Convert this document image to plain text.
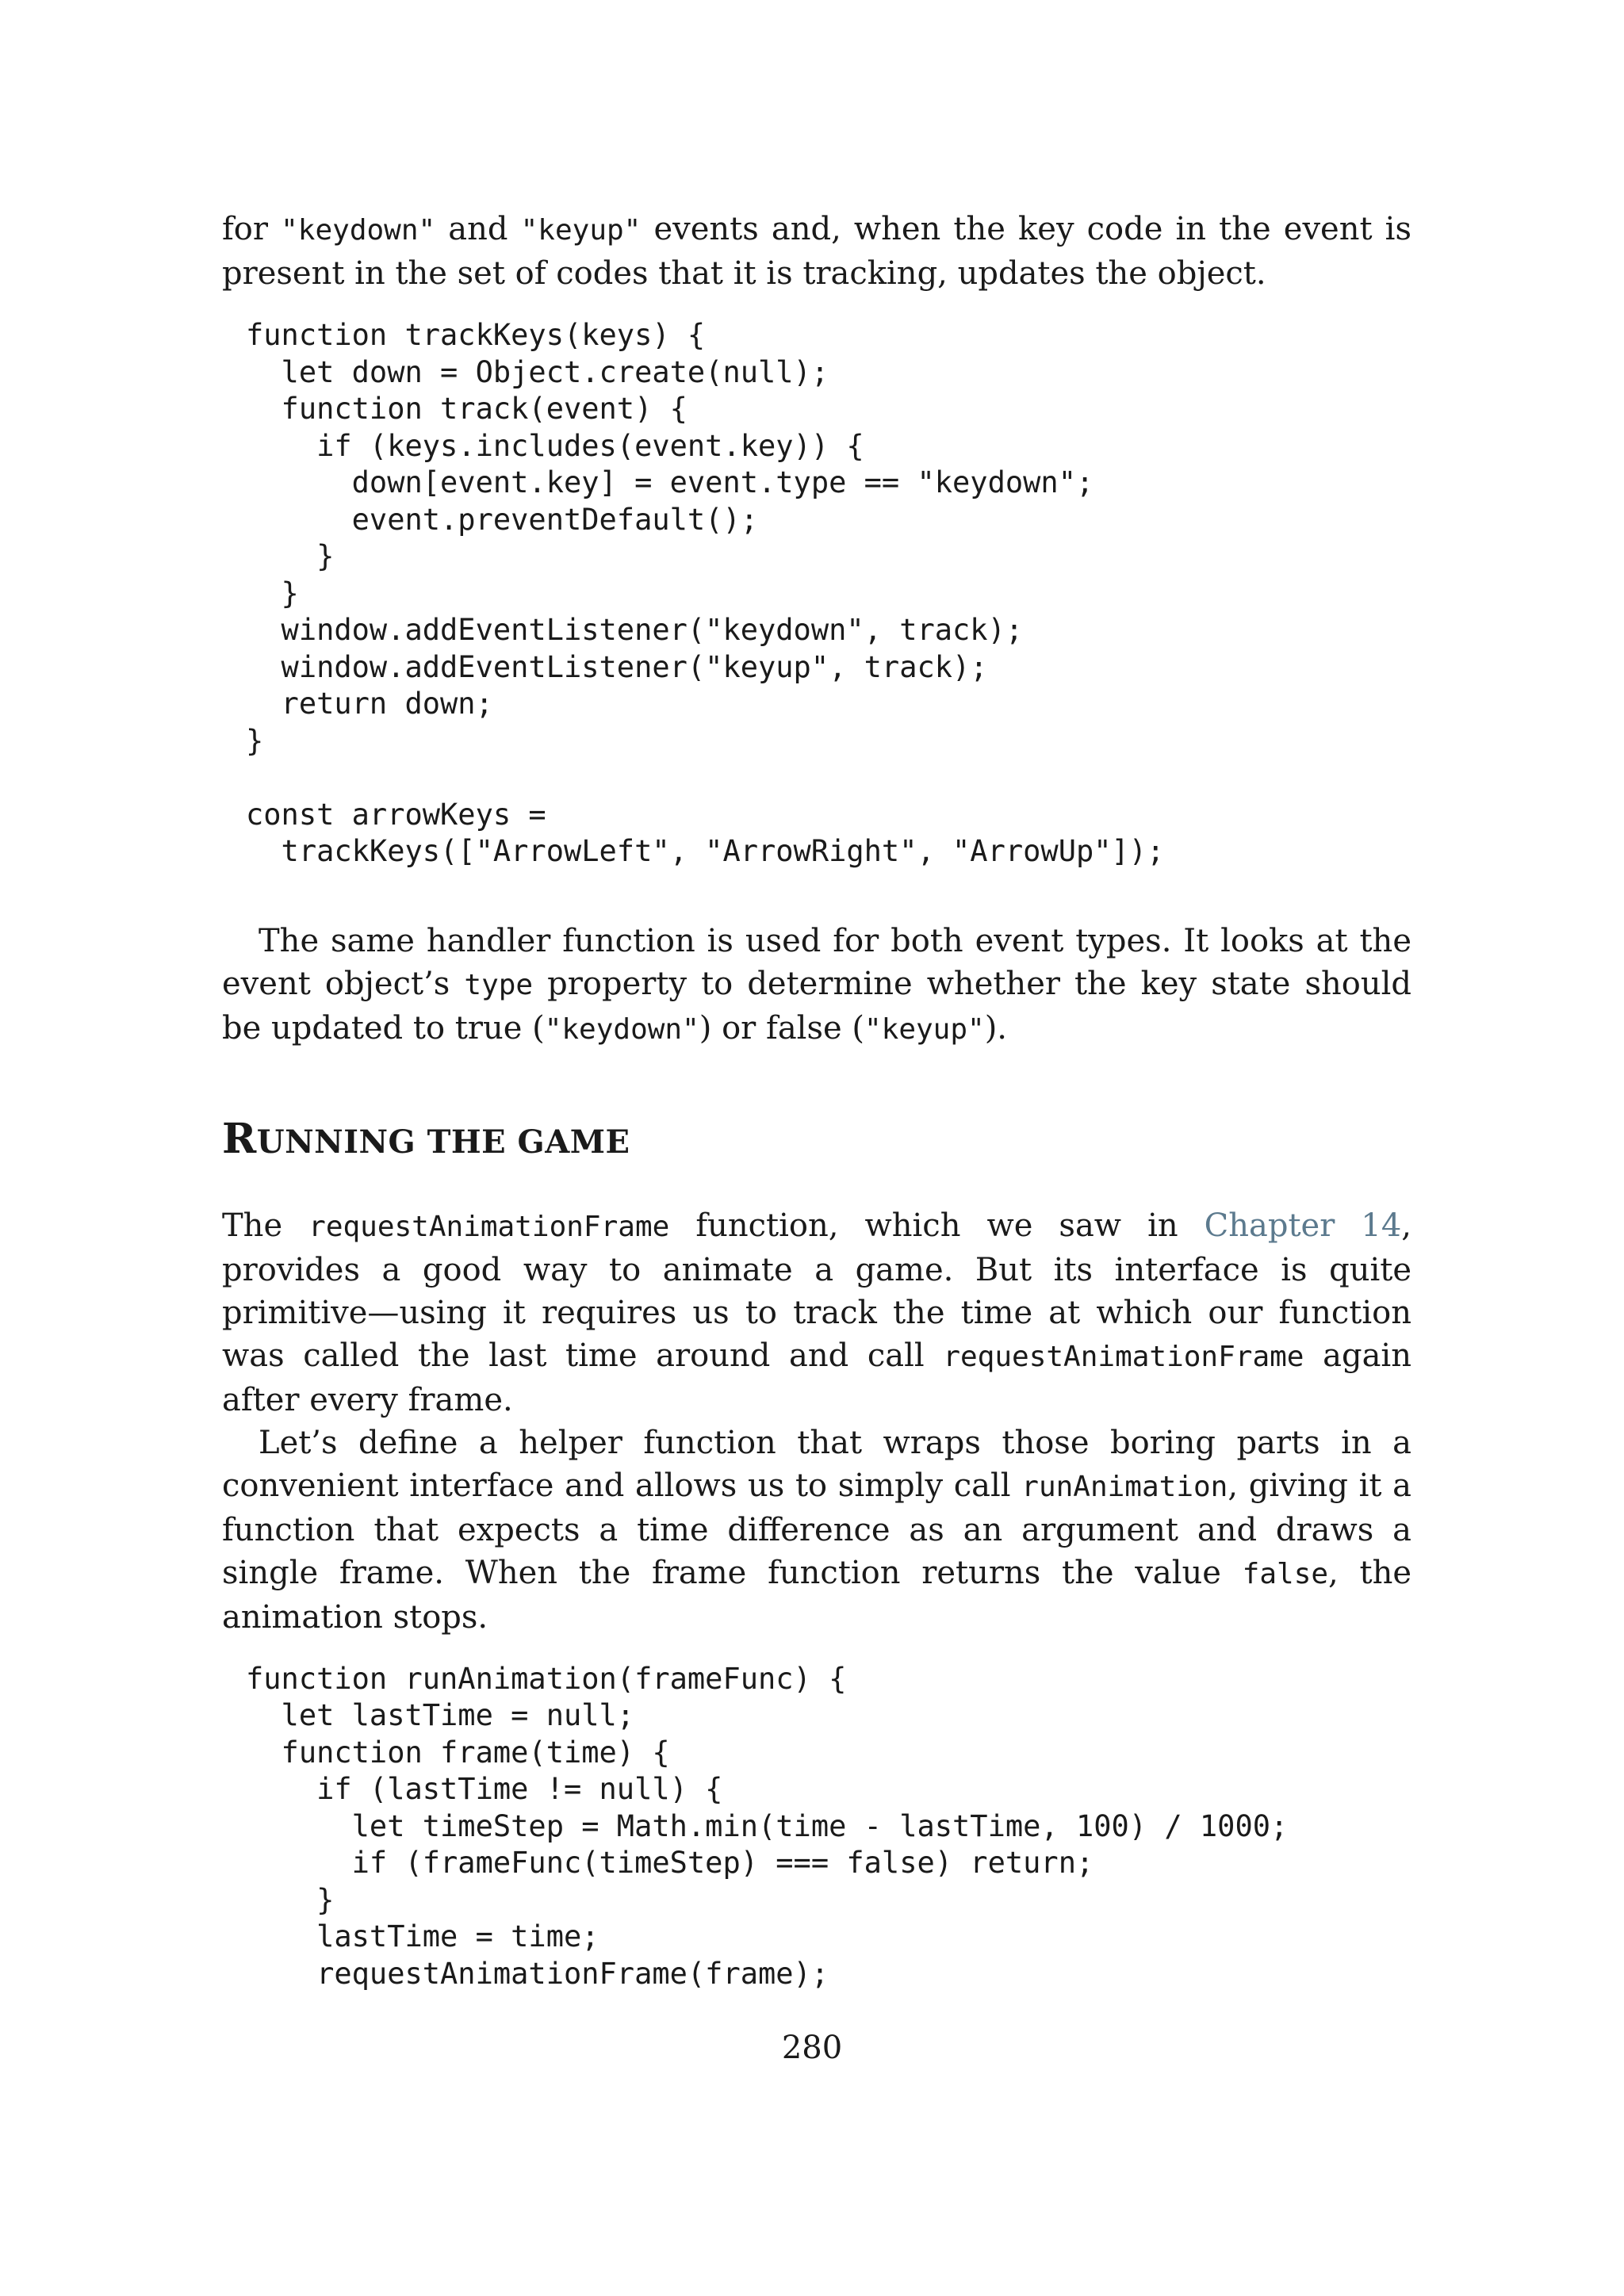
for "keydown" and "keyup" events and, when the key code in the event is present in the set of codes that it is tracking, updates the object.

function trackKeys(keys) {
let down = Object.create(null);
function track(event) {
if (keys.includes(event.key)) {
down[event.key] = event.type == "keydown";
event.preventDefault();
}
}
window.addEventListener("keydown", track);
window.addEventListener("keyup", track);
return down;
}
const arrowKeys =
trackKeys(["ArrowLeft", "ArrowRight", "ArrowUp"]);

The same handler function is used for both event types. It looks at the event object’s type property to determine whether the key state should be updated to true ("keydown") or false ("keyup").

RUNNING THE GAME

The requestAnimationFrame function, which we saw in Chapter 14, provides a good way to animate a game. But its interface is quite primitive—using it requires us to track the time at which our function was called the last time around and call requestAnimationFrame again after every frame.

Let’s define a helper function that wraps those boring parts in a convenient interface and allows us to simply call runAnimation, giving it a function that expects a time difference as an argument and draws a single frame. When the frame function returns the value false, the animation stops.

function runAnimation(frameFunc) {
let lastTime = null;
function frame(time) {
if (lastTime != null) {
let timeStep = Math.min(time - lastTime, 100) / 1000;
if (frameFunc(timeStep) === false) return;
}
lastTime = time;
requestAnimationFrame(frame);
280
